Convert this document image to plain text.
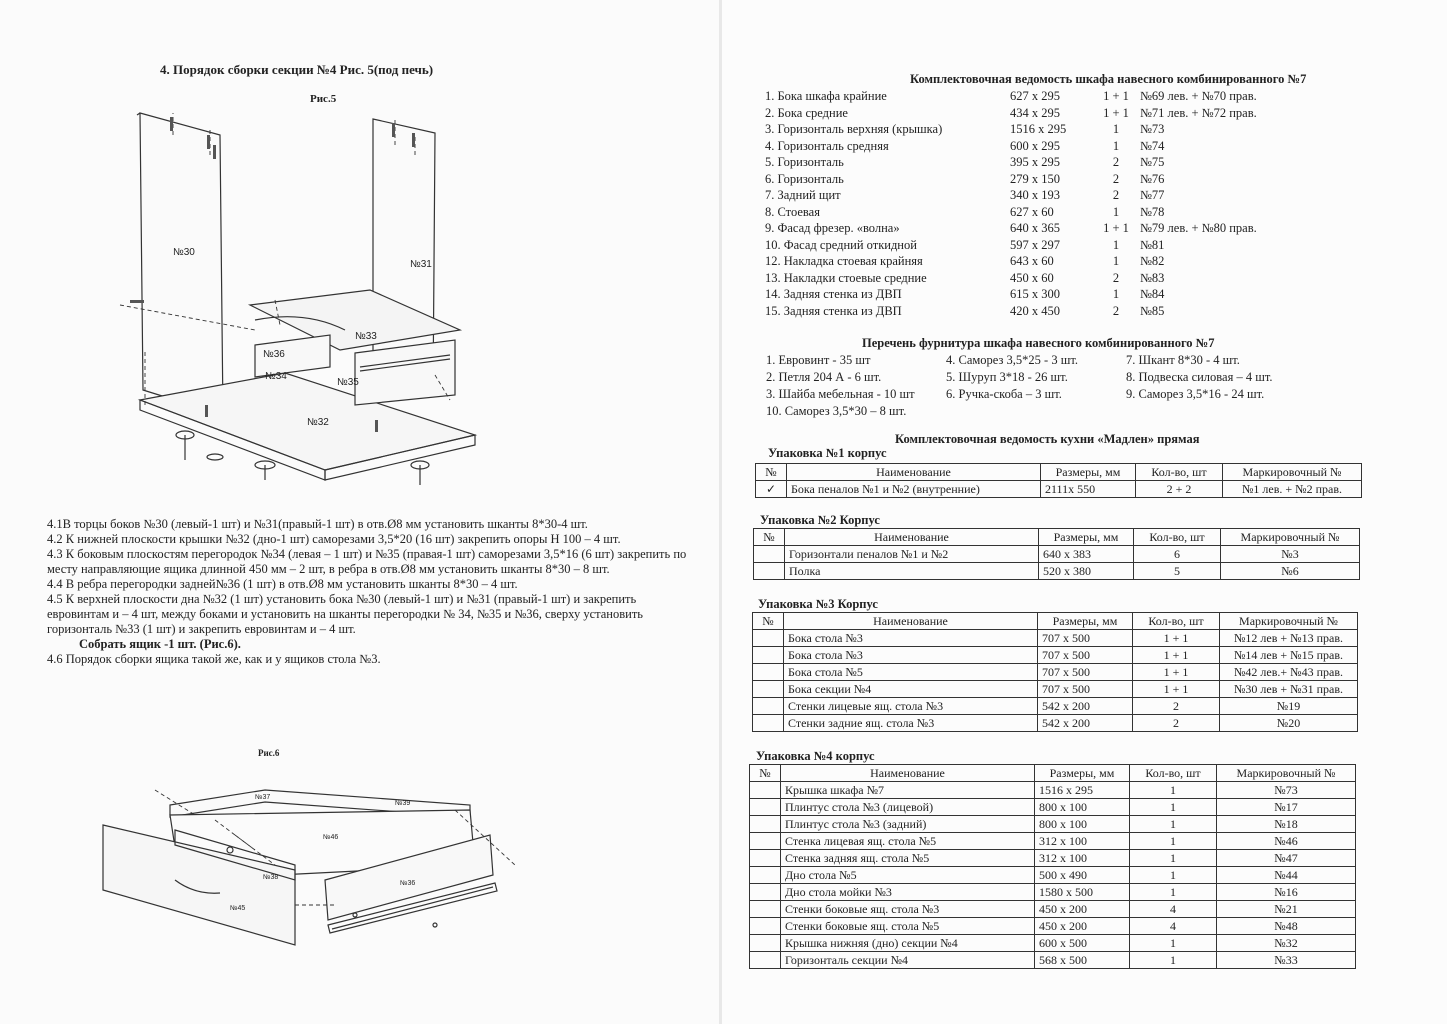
4. Порядок сборки секции №4 Рис. 5(под печь)
Рис.5
№30
№31
№33
№36
№34
№35
№32

4.1В торцы боков №30 (левый-1 шт) и №31(правый-1 шт) в отв.Ø8 мм установить шканты 8*30-4 шт.

4.2 К нижней плоскости крышки №32 (дно-1 шт) саморезами 3,5*20 (16 шт) закрепить опоры Н 100 – 4 шт.

4.3 К боковым плоскостям перегородок №34 (левая – 1 шт) и №35 (правая-1 шт) саморезами 3,5*16 (6 шт) закрепить по месту направляющие ящика длинной 450 мм – 2 шт, в ребра в отв.Ø8 мм установить шканты 8*30 – 8 шт.

4.4 В ребра перегородки задней№36 (1 шт) в отв.Ø8 мм установить шканты 8*30 – 4 шт.

4.5 К верхней плоскости дна №32 (1 шт) установить бока №30 (левый-1 шт) и №31 (правый-1 шт) и закрепить евровинтам и – 4 шт, между боками и установить на шканты перегородки № 34, №35 и №36, сверху установить горизонталь №33 (1 шт) и закрепить евровинтам и – 4 шт.

Собрать ящик -1 шт. (Рис.6).

4.6 Порядок сборки ящика такой же, как и у ящиков стола №3.

Рис.6
№37
№39
№46
№38
№36
№45
Комплектовочная ведомость шкафа навесного комбинированного №7
1. Бока шкафа крайние	627 х 295	1 + 1 №69 лев. + №70 прав.
2. Бока средние	434 х 295	1 + 1 №71 лев. + №72 прав.
3. Горизонталь верхняя (крышка)	1516 х 295	1	№73
4. Горизонталь средняя	600 х 295	1	№74
5. Горизонталь	395 х 295	2	№75
6. Горизонталь	279 х 150	2	№76
7. Задний щит	340 х 193	2	№77
8. Стоевая	627 х 60	1	№78
9. Фасад фрезер. «волна»	640 х 365	1 + 1 №79 лев. + №80 прав.
10. Фасад средний откидной	597 х 297	1	№81
12. Накладка стоевая крайняя	643 х 60	1	№82
13. Накладки стоевые средние	450 х 60	2	№83
14. Задняя стенка из ДВП	615 х 300	1	№84
15. Задняя стенка из ДВП	420 х 450	2	№85
Перечень фурнитура шкафа навесного комбинированного №7
1. Евровинт - 35 шт	4. Саморез 3,5*25 - 3 шт.	7. Шкант 8*30 - 4 шт.
2. Петля 204 А - 6 шт.	5. Шуруп 3*18 - 26 шт.	8. Подвеска силовая – 4 шт.
3. Шайба мебельная - 10 шт	6. Ручка-скоба – 3 шт.	9. Саморез 3,5*16 - 24 шт.
10. Саморез 3,5*30 – 8 шт.
Комплектовочная ведомость кухни «Мадлен» прямая
Упаковка №1 корпус
№	Наименование	Размеры, мм	Кол-во, шт	Маркировочный №
✓	Бока пеналов №1 и №2 (внутренние)	2111х 550	2 + 2	№1 лев. + №2 прав.
Упаковка №2 Корпус
№	Наименование	Размеры, мм	Кол-во, шт	Маркировочный №
	Горизонтали пеналов №1 и №2	640 х 383	6	№3
	Полка	520 х 380	5	№6
Упаковка №3 Корпус
№	Наименование	Размеры, мм	Кол-во, шт	Маркировочный №
	Бока стола №3	707 х 500	1 + 1	№12 лев + №13 прав.
	Бока стола №3	707 х 500	1 + 1	№14 лев + №15 прав.
	Бока стола №5	707 х 500	1 + 1	№42 лев.+ №43 прав.
	Бока секции №4	707 х 500	1 + 1	№30 лев + №31 прав.
	Стенки лицевые ящ. стола №3	542 х 200	2	№19
	Стенки задние ящ. стола №3	542 х 200	2	№20
Упаковка №4 корпус
№	Наименование	Размеры, мм	Кол-во, шт	Маркировочный №
	Крышка шкафа №7	1516 х 295	1	№73
	Плинтус стола №3 (лицевой)	800 х 100	1	№17
	Плинтус стола №3 (задний)	800 х 100	1	№18
	Стенка лицевая ящ. стола №5	312 х 100	1	№46
	Стенка задняя ящ. стола №5	312 х 100	1	№47
	Дно стола №5	500 х 490	1	№44
	Дно стола мойки №3	1580 х 500	1	№16
	Стенки боковые ящ. стола №3	450 х 200	4	№21
	Стенки боковые ящ. стола №5	450 х 200	4	№48
	Крышка нижняя (дно) секции №4	600 х 500	1	№32
	Горизонталь секции №4	568 х 500	1	№33
